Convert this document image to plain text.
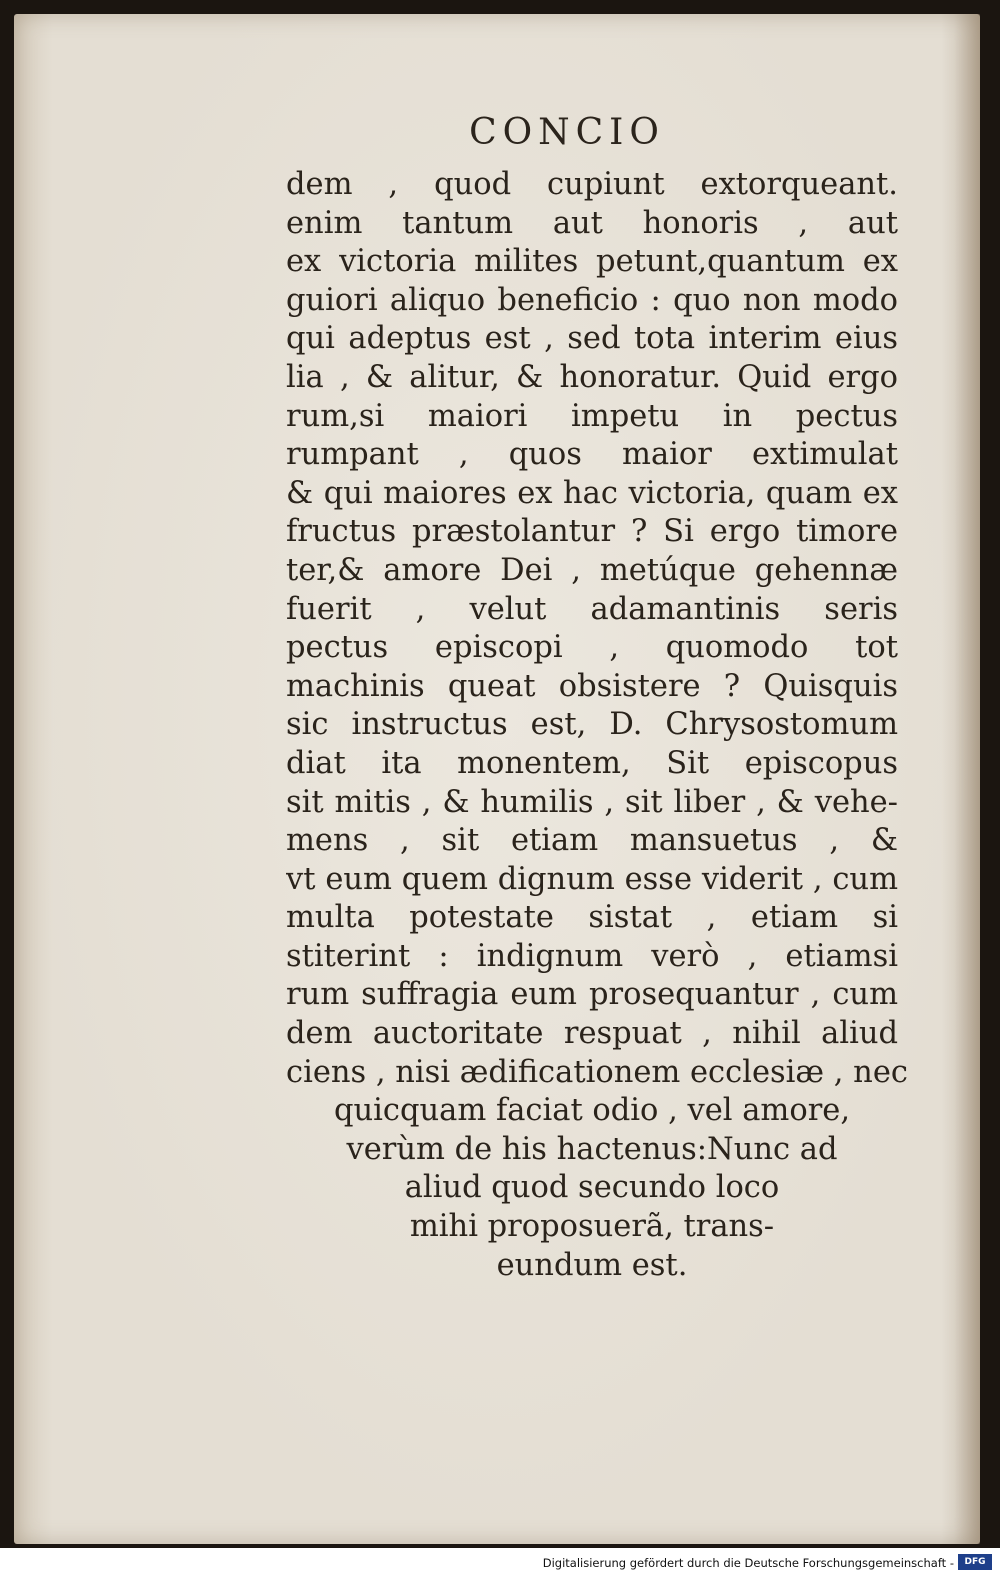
CONCIO
dem , quod cupiunt extorqueant.
enim tantum aut honoris , aut
ex victoria milites petunt,quantum ex
guiori aliquo beneficio : quo non modo
qui adeptus est , sed tota interim eius
lia , & alitur, & honoratur. Quid ergo
rum,si maiori impetu in pectus
rumpant , quos maior extimulat
& qui maiores ex hac victoria, quam ex
fructus præstolantur ? Si ergo timore
ter,& amore Dei , metúque gehennæ
fuerit , velut adamantinis seris
pectus episcopi , quomodo tot
machinis queat obsistere ? Quisquis
sic instructus est, D. Chrysostomum
diat ita monentem, Sit episcopus
sit mitis , & humilis , sit liber , & vehe-
mens , sit etiam mansuetus , &
vt eum quem dignum esse viderit , cum
multa potestate sistat , etiam si
stiterint : indignum verò , etiamsi
rum suffragia eum prosequantur , cum
dem auctoritate respuat , nihil aliud
ciens , nisi ædificationem ecclesiæ , nec
quicquam faciat odio , vel amore,
verùm de his hactenus:Nunc ad
aliud quod secundo loco
mihi proposuerã, trans-
eundum est.
Digitalisierung gefördert durch die Deutsche Forschungsgemeinschaft -	DFG
